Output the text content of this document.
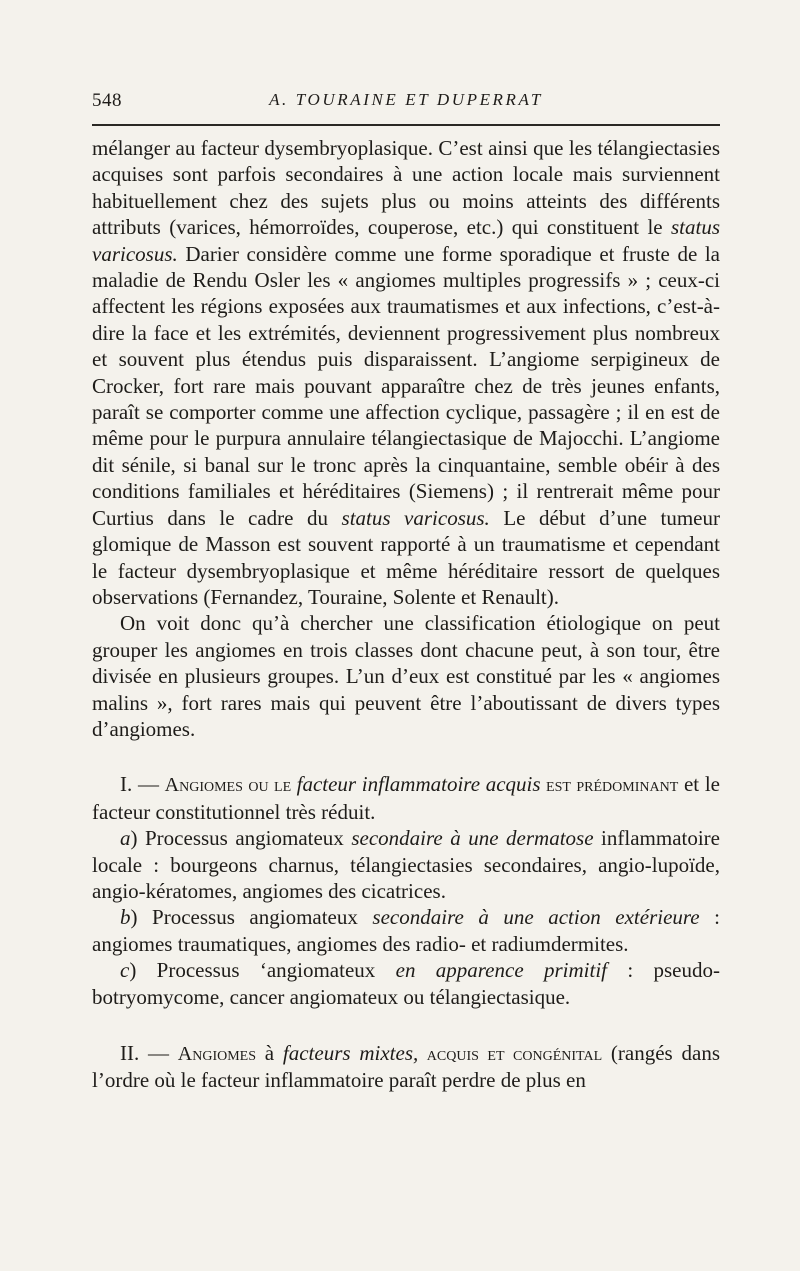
548	A. TOURAINE ET DUPERRAT

mélanger au facteur dysembryoplasique. C’est ainsi que les télangiectasies acquises sont parfois secondaires à une action locale mais surviennent habituellement chez des sujets plus ou moins atteints des différents attributs (varices, hémorroïdes, couperose, etc.) qui constituent le status varicosus. Darier considère comme une forme sporadique et fruste de la maladie de Rendu Osler les « angiomes multiples progressifs » ; ceux-ci affectent les régions exposées aux traumatismes et aux infections, c’est-à-dire la face et les extrémités, deviennent progressivement plus nombreux et souvent plus étendus puis disparaissent. L’angiome serpigineux de Crocker, fort rare mais pouvant apparaître chez de très jeunes enfants, paraît se comporter comme une affection cyclique, passagère ; il en est de même pour le purpura annulaire télangiectasique de Majocchi. L’angiome dit sénile, si banal sur le tronc après la cinquantaine, semble obéir à des conditions familiales et héréditaires (Siemens) ; il rentrerait même pour Curtius dans le cadre du status varicosus. Le début d’une tumeur glomique de Masson est souvent rapporté à un traumatisme et cependant le facteur dysembryoplasique et même héréditaire ressort de quelques observations (Fernandez, Touraine, Solente et Renault).

On voit donc qu’à chercher une classification étiologique on peut grouper les angiomes en trois classes dont chacune peut, à son tour, être divisée en plusieurs groupes. L’un d’eux est constitué par les « angiomes malins », fort rares mais qui peuvent être l’aboutissant de divers types d’angiomes.

I. — Angiomes ou le facteur inflammatoire acquis est prédominant et le facteur constitutionnel très réduit.

a) Processus angiomateux secondaire à une dermatose inflammatoire locale : bourgeons charnus, télangiectasies secondaires, angio-lupoïde, angio-kératomes, angiomes des cicatrices.

b) Processus angiomateux secondaire à une action extérieure : angiomes traumatiques, angiomes des radio- et radiumdermites.

c) Processus ‘angiomateux en apparence primitif : pseudo-botryomycome, cancer angiomateux ou télangiectasique.

II. — Angiomes à facteurs mixtes, acquis et congénital (rangés dans l’ordre où le facteur inflammatoire paraît perdre de plus en
